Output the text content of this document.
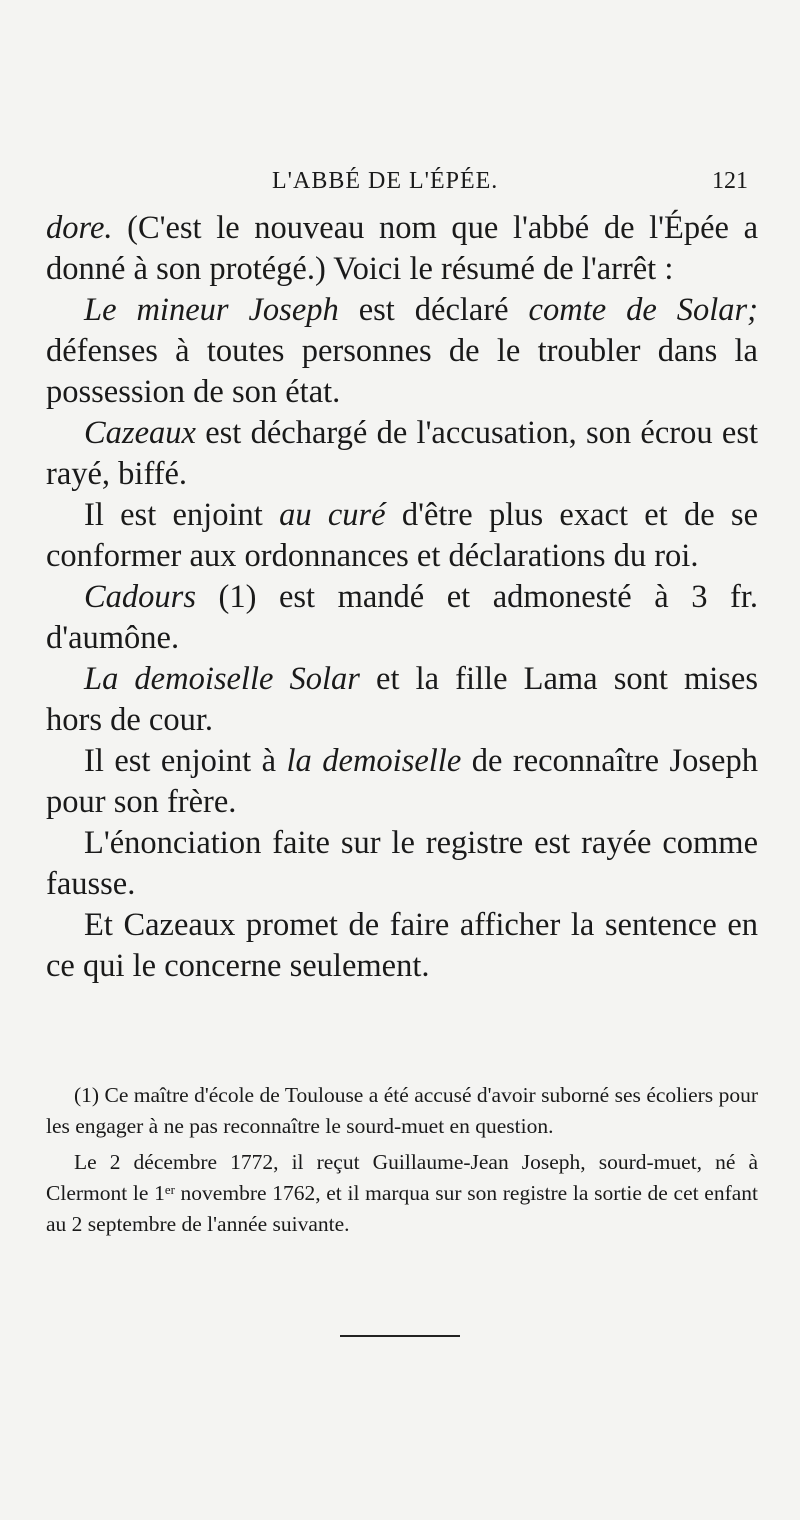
L'ABBÉ DE L'ÉPÉE.	121

dore. (C'est le nouveau nom que l'abbé de l'Épée a donné à son protégé.) Voici le résumé de l'arrêt :

Le mineur Joseph est déclaré comte de Solar; défenses à toutes personnes de le troubler dans la possession de son état.

Cazeaux est déchargé de l'accusation, son écrou est rayé, biffé.

Il est enjoint au curé d'être plus exact et de se conformer aux ordonnances et déclarations du roi.

Cadours (1) est mandé et admonesté à 3 fr. d'aumône.

La demoiselle Solar et la fille Lama sont mises hors de cour.

Il est enjoint à la demoiselle de reconnaître Joseph pour son frère.

L'énonciation faite sur le registre est rayée comme fausse.

Et Cazeaux promet de faire afficher la sentence en ce qui le concerne seulement.

(1) Ce maître d'école de Toulouse a été accusé d'avoir suborné ses écoliers pour les engager à ne pas reconnaître le sourd-muet en question.

Le 2 décembre 1772, il reçut Guillaume-Jean Joseph, sourd-muet, né à Clermont le 1er novembre 1762, et il marqua sur son registre la sortie de cet enfant au 2 septembre de l'année suivante.
